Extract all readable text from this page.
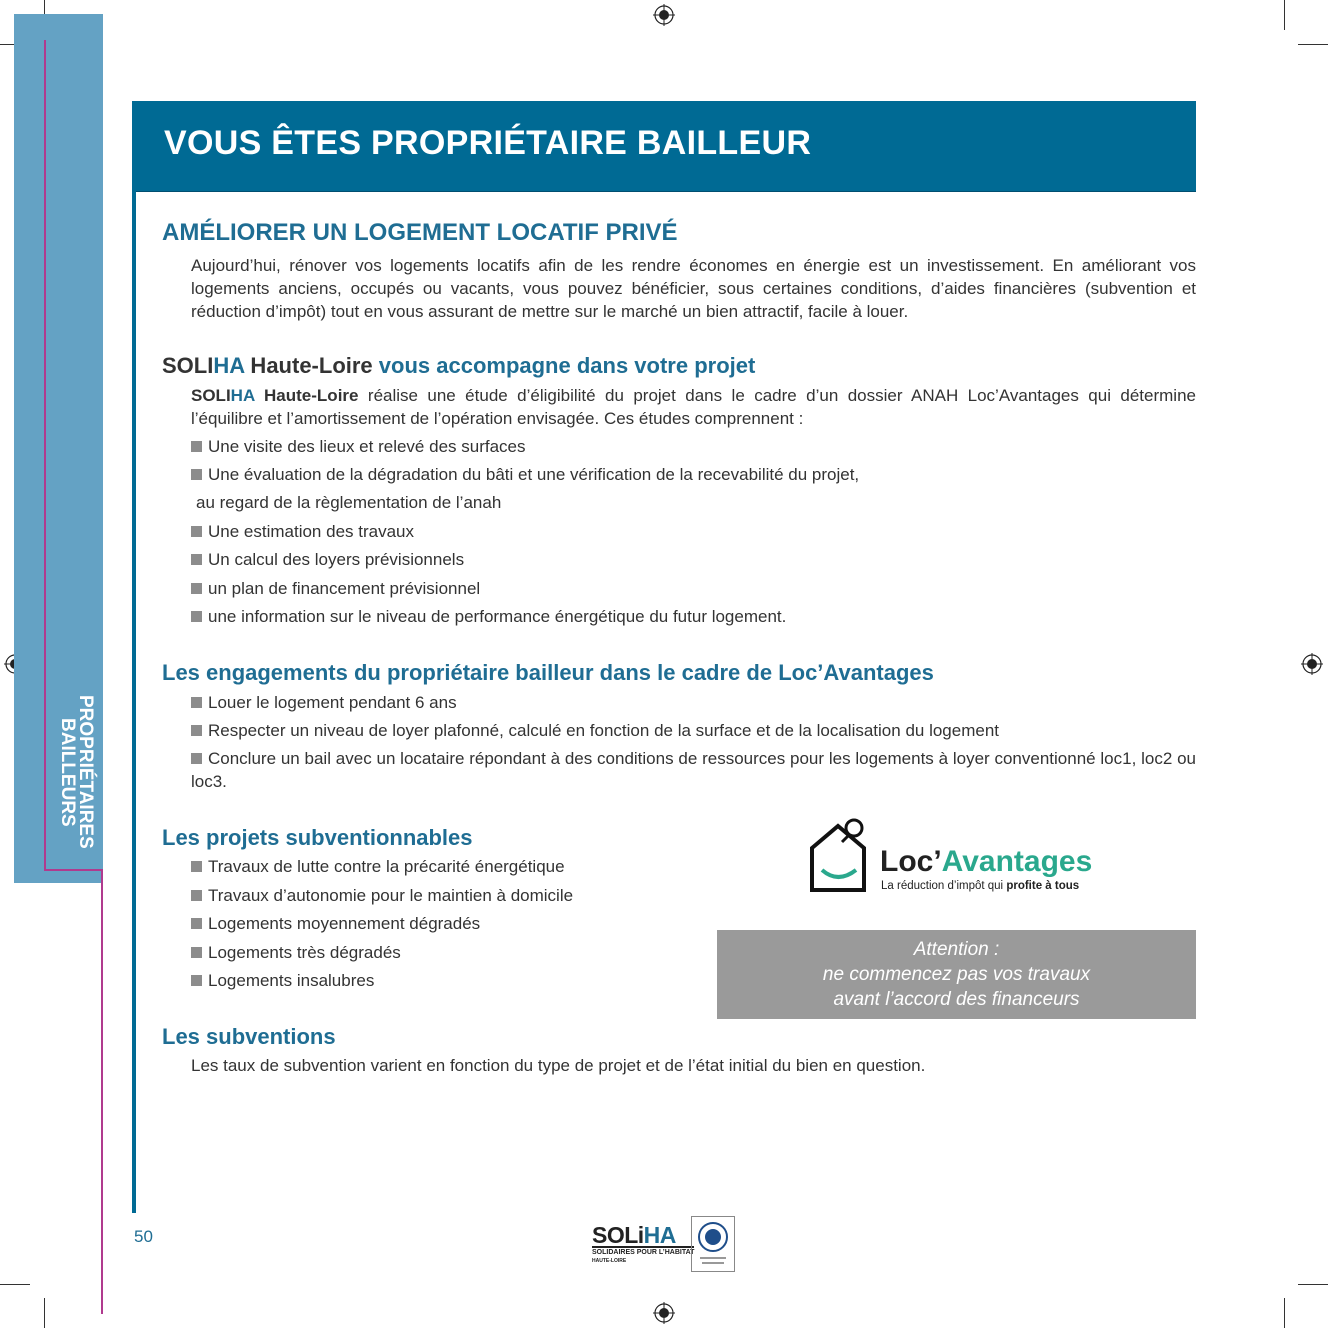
PROPRIÉTAIRES
BAILLEURS
VOUS ÊTES PROPRIÉTAIRE BAILLEUR
AMÉLIORER UN LOGEMENT LOCATIF PRIVÉ

Aujourd’hui, rénover vos logements locatifs afin de les rendre économes en énergie est un investissement. En améliorant vos logements anciens, occupés ou vacants, vous pouvez bénéficier, sous certaines conditions, d’aides financières (subvention et réduction d’impôt) tout en vous assurant de mettre sur le marché un bien attractif, facile à louer.

SOLIHA Haute-Loire vous accompagne dans votre projet

SOLIHA Haute-Loire réalise une étude d’éligibilité du projet dans le cadre d’un dossier ANAH Loc’Avantages qui détermine l’équilibre et l’amortissement de l’opération envisagée. Ces études comprennent :

Une visite des lieux et relevé des surfaces
Une évaluation de la dégradation du bâti et une vérification de la recevabilité du projet,
au regard de la règlementation de l’anah
Une estimation des travaux
Un calcul des loyers prévisionnels
un plan de financement prévisionnel
une information sur le niveau de performance énergétique du futur logement.
Les engagements du propriétaire bailleur dans le cadre de Loc’Avantages
Louer le logement pendant 6 ans
Respecter un niveau de loyer plafonné, calculé en fonction de la surface et de la localisation du logement
Conclure un bail avec un locataire répondant à des conditions de ressources pour les logements à loyer conventionné loc1, loc2 ou loc3.
Les projets subventionnables
Travaux de lutte contre la précarité énergétique
Travaux d’autonomie pour le maintien à domicile
Logements moyennement dégradés
Logements très dégradés
Logements insalubres
Loc’Avantages
La réduction d’impôt qui profite à tous
Attention :
ne commencez pas vos travaux
avant l’accord des financeurs
Les subventions

Les taux de subvention varient en fonction du type de projet et de l’état initial du bien en question.

50	SOLiHA
SOLIDAIRES POUR L’HABITAT
HAUTE-LOIRE
